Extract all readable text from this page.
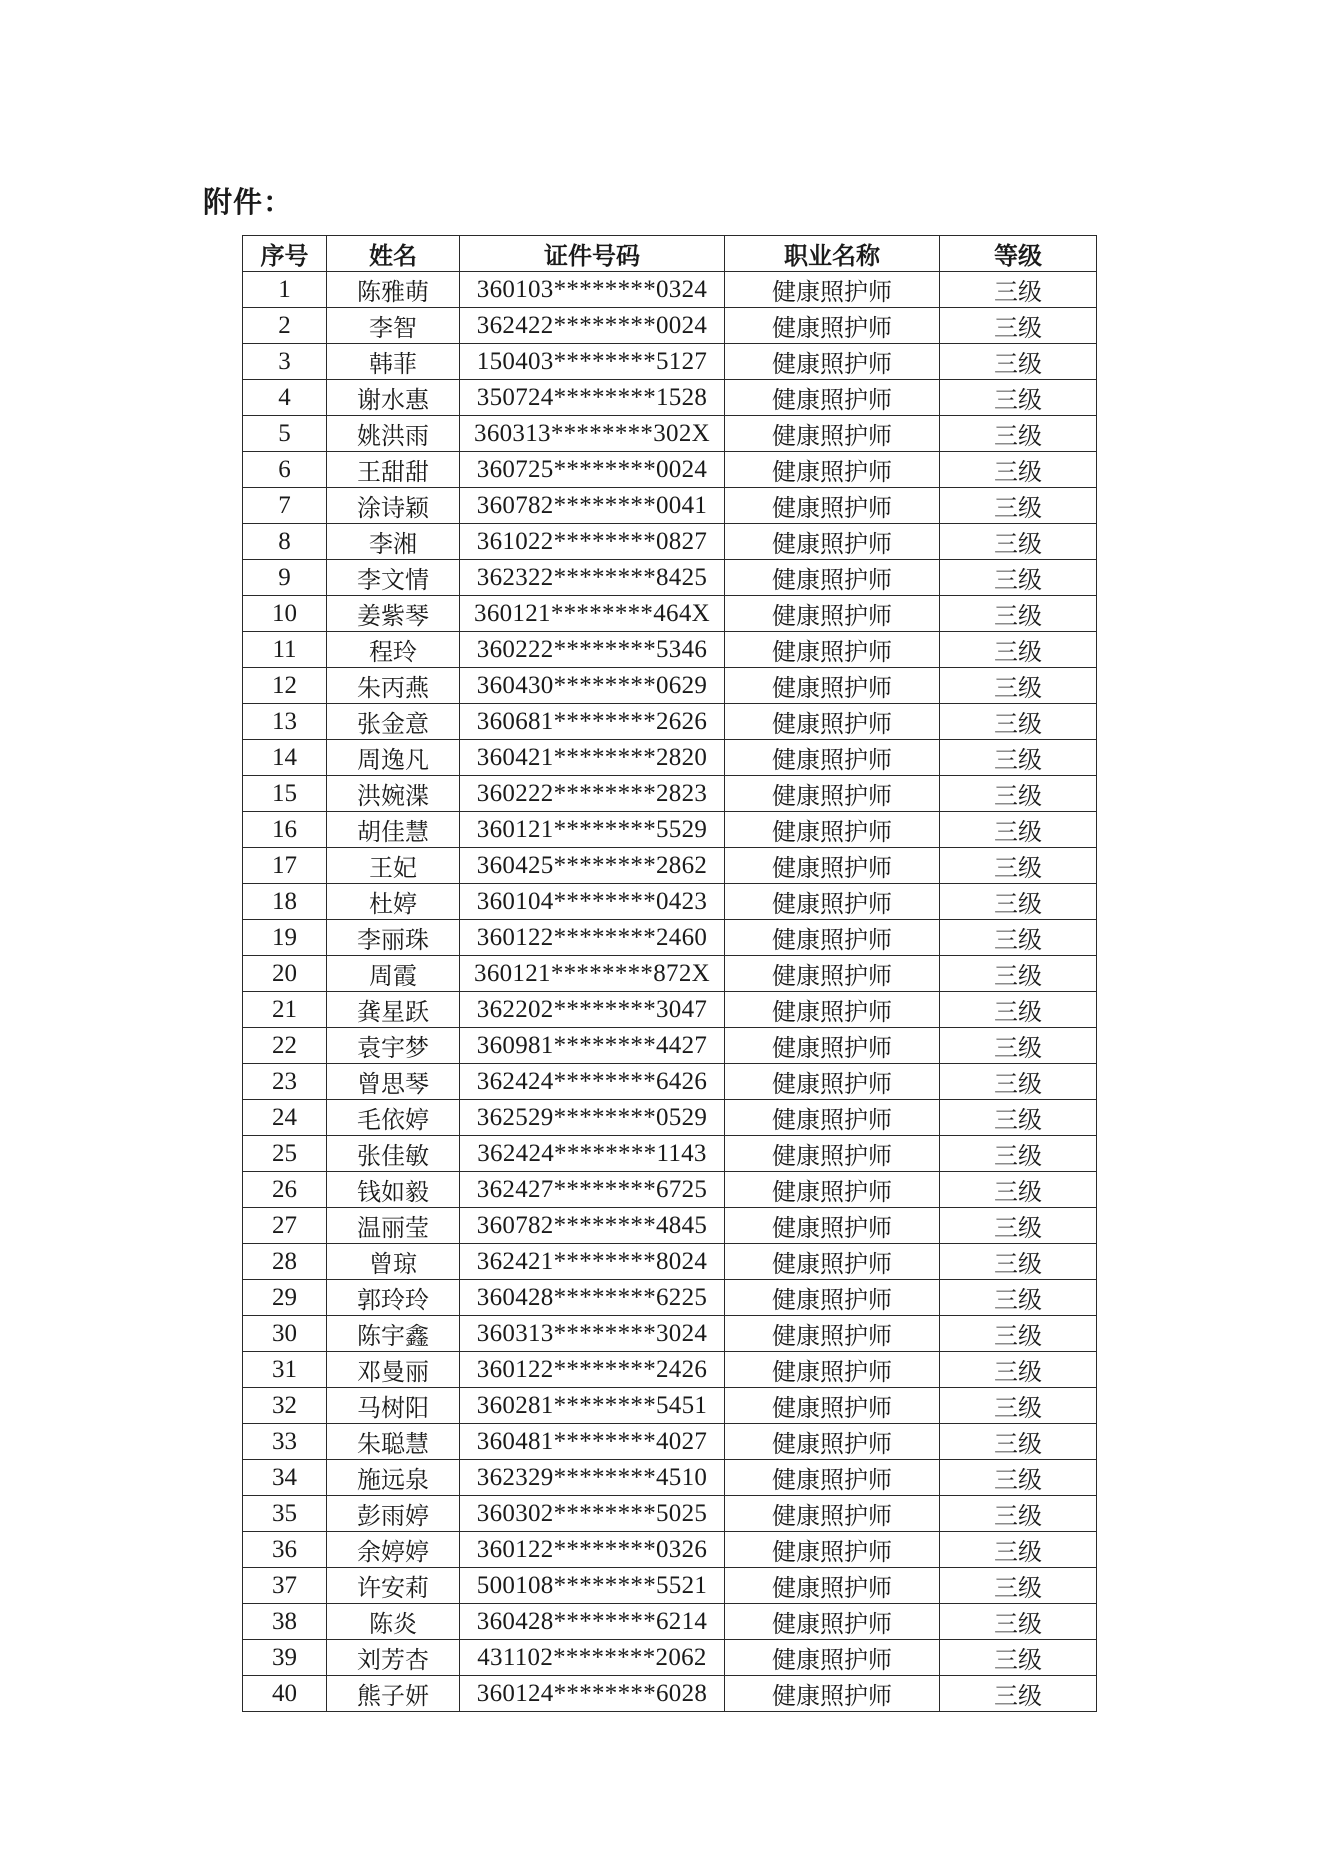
附件：
序号	姓名	证件号码	职业名称	等级
1	陈雅萌	360103********0324	健康照护师	三级
2	李智	362422********0024	健康照护师	三级
3	韩菲	150403********5127	健康照护师	三级
4	谢水惠	350724********1528	健康照护师	三级
5	姚洪雨	360313********302X	健康照护师	三级
6	王甜甜	360725********0024	健康照护师	三级
7	涂诗颖	360782********0041	健康照护师	三级
8	李湘	361022********0827	健康照护师	三级
9	李文情	362322********8425	健康照护师	三级
10	姜紫琴	360121********464X	健康照护师	三级
11	程玲	360222********5346	健康照护师	三级
12	朱丙燕	360430********0629	健康照护师	三级
13	张金意	360681********2626	健康照护师	三级
14	周逸凡	360421********2820	健康照护师	三级
15	洪婉渫	360222********2823	健康照护师	三级
16	胡佳慧	360121********5529	健康照护师	三级
17	王妃	360425********2862	健康照护师	三级
18	杜婷	360104********0423	健康照护师	三级
19	李丽珠	360122********2460	健康照护师	三级
20	周霞	360121********872X	健康照护师	三级
21	龚星跃	362202********3047	健康照护师	三级
22	袁宇梦	360981********4427	健康照护师	三级
23	曾思琴	362424********6426	健康照护师	三级
24	毛依婷	362529********0529	健康照护师	三级
25	张佳敏	362424********1143	健康照护师	三级
26	钱如毅	362427********6725	健康照护师	三级
27	温丽莹	360782********4845	健康照护师	三级
28	曾琼	362421********8024	健康照护师	三级
29	郭玲玲	360428********6225	健康照护师	三级
30	陈宇鑫	360313********3024	健康照护师	三级
31	邓曼丽	360122********2426	健康照护师	三级
32	马树阳	360281********5451	健康照护师	三级
33	朱聪慧	360481********4027	健康照护师	三级
34	施远泉	362329********4510	健康照护师	三级
35	彭雨婷	360302********5025	健康照护师	三级
36	余婷婷	360122********0326	健康照护师	三级
37	许安莉	500108********5521	健康照护师	三级
38	陈炎	360428********6214	健康照护师	三级
39	刘芳杏	431102********2062	健康照护师	三级
40	熊子妍	360124********6028	健康照护师	三级
